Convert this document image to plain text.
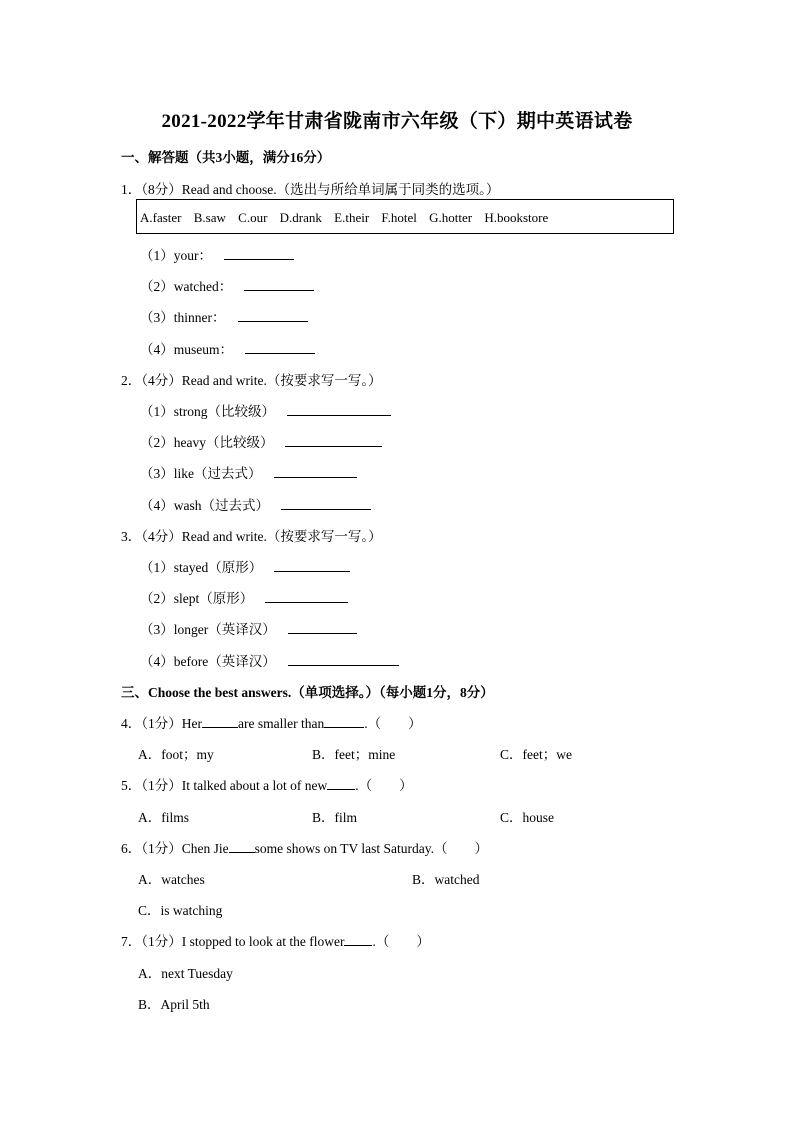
2021-2022学年甘肃省陇南市六年级（下）期中英语试卷
一、解答题（共3小题，满分16分）
1．（8分）Read and choose.（选出与所给单词属于同类的选项。）
A.faster B.saw C.our D.drank E.their F.hotel G.hotter H.bookstore
（1）your：
（2）watched：
（3）thinner：
（4）museum：
2．（4分）Read and write.（按要求写一写。）
（1）strong（比较级）
（2）heavy（比较级）
（3）like（过去式）
（4）wash（过去式）
3．（4分）Read and write.（按要求写一写。）
（1）stayed（原形）
（2）slept（原形）
（3）longer（英译汉）
（4）before（英译汉）
三、Choose the best answers.（单项选择。）（每小题1分，8分）
4．（1分）Her	are smaller than	.（　　）
A．foot；my	B．feet；mine	C．feet；we
5．（1分）It talked about a lot of new .（　　）
A．films	B．film	C．house
6．（1分）Chen Jie some shows on TV last Saturday.（　　）
A．watches	B．watched
C．is watching
7．（1分）I stopped to look at the flower .（　　）
A．next Tuesday
B．April 5th
